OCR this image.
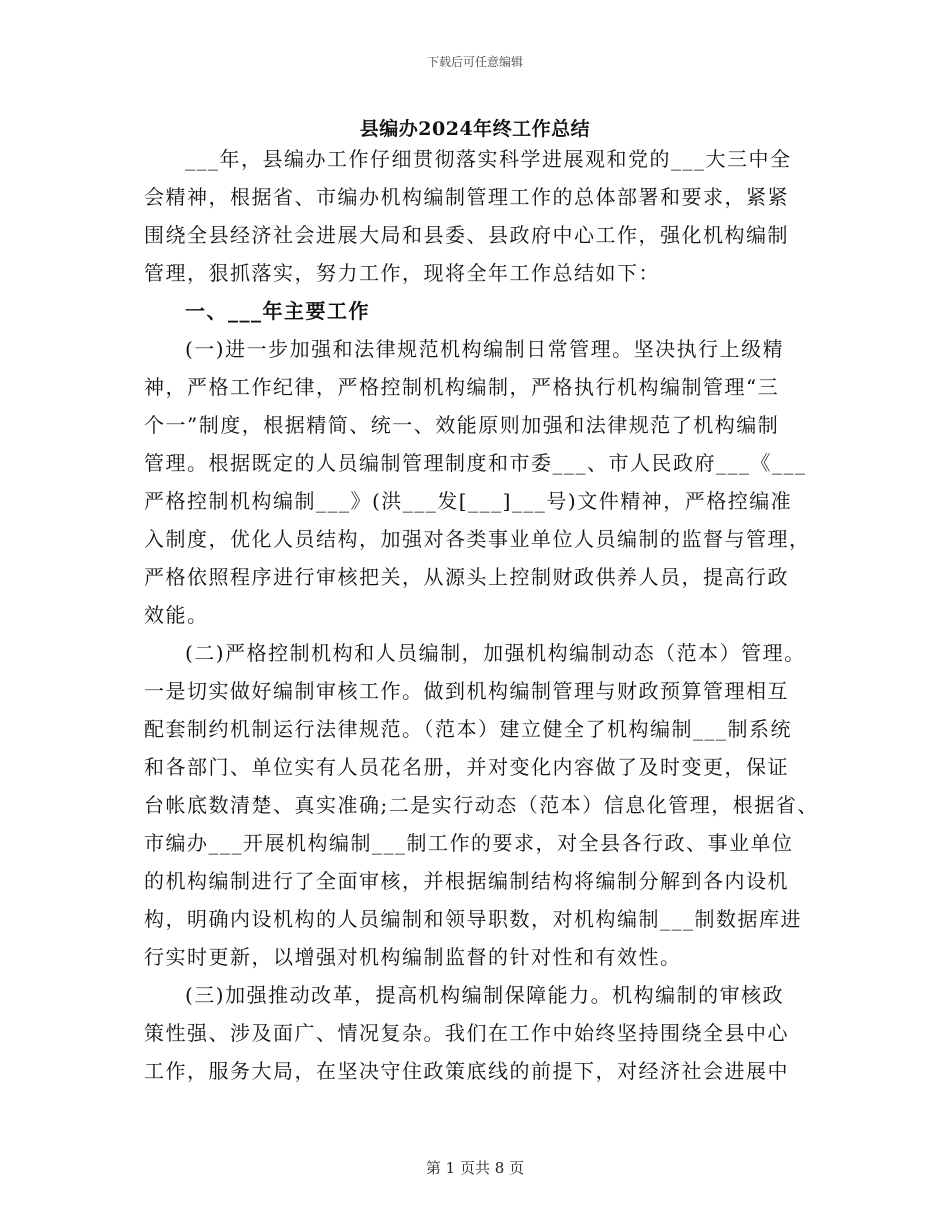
下载后可任意编辑
县编办2024年终工作总结
___年，县编办工作仔细贯彻落实科学进展观和党的___大三中全
会精神，根据省、市编办机构编制管理工作的总体部署和要求，紧紧
围绕全县经济社会进展大局和县委、县政府中心工作，强化机构编制
管理，狠抓落实，努力工作，现将全年工作总结如下：
一、___年主要工作
(一)进一步加强和法律规范机构编制日常管理。坚决执行上级精
神，严格工作纪律，严格控制机构编制，严格执行机构编制管理“三
个一”制度，根据精简、统一、效能原则加强和法律规范了机构编制
管理。根据既定的人员编制管理制度和市委___、市人民政府___《___
严格控制机构编制___》(洪___发[___]___号)文件精神，严格控编准
入制度，优化人员结构，加强对各类事业单位人员编制的监督与管理，
严格依照程序进行审核把关，从源头上控制财政供养人员，提高行政
效能。
(二)严格控制机构和人员编制，加强机构编制动态（范本）管理。
一是切实做好编制审核工作。做到机构编制管理与财政预算管理相互
配套制约机制运行法律规范。（范本）建立健全了机构编制___制系统
和各部门、单位实有人员花名册，并对变化内容做了及时变更，保证
台帐底数清楚、真实准确;二是实行动态（范本）信息化管理，根据省、
市编办___开展机构编制___制工作的要求，对全县各行政、事业单位
的机构编制进行了全面审核，并根据编制结构将编制分解到各内设机
构，明确内设机构的人员编制和领导职数，对机构编制___制数据库进
行实时更新，以增强对机构编制监督的针对性和有效性。
(三)加强推动改革，提高机构编制保障能力。机构编制的审核政
策性强、涉及面广、情况复杂。我们在工作中始终坚持围绕全县中心
工作，服务大局，在坚决守住政策底线的前提下，对经济社会进展中
第 1 页共 8 页
